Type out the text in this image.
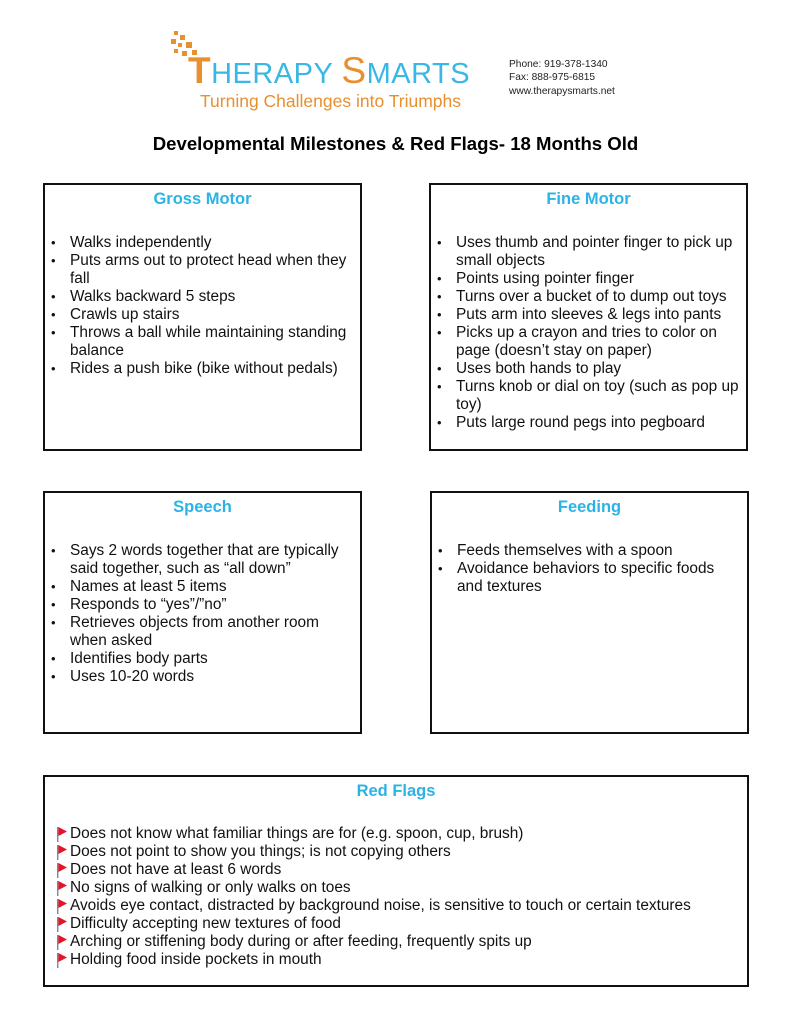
THERAPY SMARTS
Turning Challenges into Triumphs
Phone: 919-378-1340
Fax: 888-975-6815
www.therapysmarts.net
Developmental Milestones & Red Flags- 18 Months Old
Gross Motor
• Walks independently
• Puts arms out to protect head when they fall
• Walks backward 5 steps
• Crawls up stairs
• Throws a ball while maintaining standing balance
• Rides a push bike (bike without pedals)
Fine Motor
• Uses thumb and pointer finger to pick up small objects
• Points using pointer finger
• Turns over a bucket of to dump out toys
• Puts arm into sleeves & legs into pants
• Picks up a crayon and tries to color on page (doesn’t stay on paper)
• Uses both hands to play
• Turns knob or dial on toy (such as pop up toy)
• Puts large round pegs into pegboard
Speech
• Says 2 words together that are typically said together, such as “all down”
• Names at least 5 items
• Responds to “yes”/”no”
• Retrieves objects from another room when asked
• Identifies body parts
• Uses 10-20 words
Feeding
• Feeds themselves with a spoon
• Avoidance behaviors to specific foods and textures
Red Flags
Does not know what familiar things are for (e.g. spoon, cup, brush)
Does not point to show you things; is not copying others
Does not have at least 6 words
No signs of walking or only walks on toes
Avoids eye contact, distracted by background noise, is sensitive to touch or certain textures
Difficulty accepting new textures of food
Arching or stiffening body during or after feeding, frequently spits up
Holding food inside pockets in mouth
